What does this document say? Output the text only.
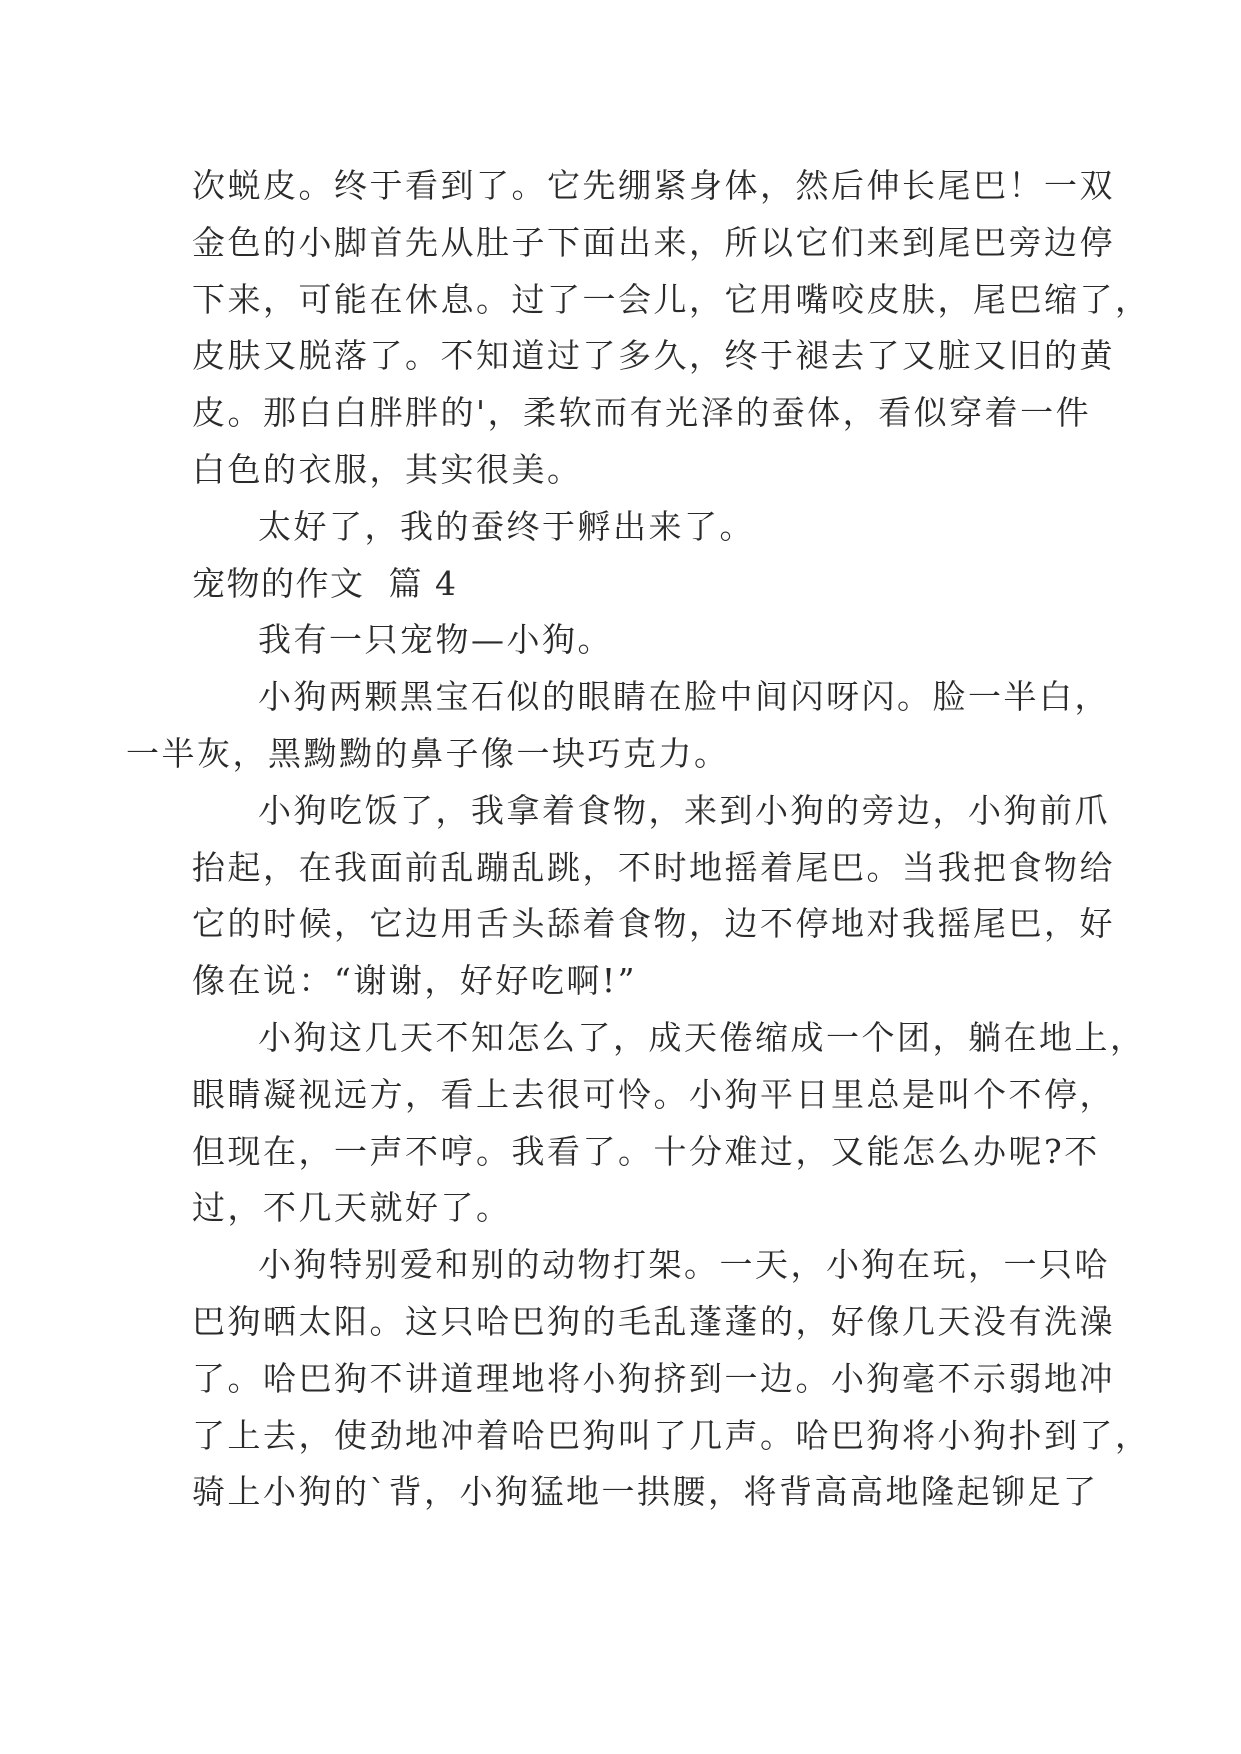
次蜕皮。终于看到了。它先绷紧身体，然后伸长尾巴！一双
金色的小脚首先从肚子下面出来，所以它们来到尾巴旁边停
下来，可能在休息。过了一会儿，它用嘴咬皮肤，尾巴缩了，
皮肤又脱落了。不知道过了多久，终于褪去了又脏又旧的黄
皮。那白白胖胖的'，柔软而有光泽的蚕体，看似穿着一件
白色的衣服，其实很美。

太好了，我的蚕终于孵出来了。

宠物的作文  篇 4

我有一只宠物—小狗。

小狗两颗黑宝石似的眼睛在脸中间闪呀闪。脸一半白，
一半灰，黑黝黝的鼻子像一块巧克力。

小狗吃饭了，我拿着食物，来到小狗的旁边，小狗前爪
抬起，在我面前乱蹦乱跳，不时地摇着尾巴。当我把食物给
它的时候，它边用舌头舔着食物，边不停地对我摇尾巴，好
像在说：“谢谢，好好吃啊!”

小狗这几天不知怎么了，成天倦缩成一个团，躺在地上，
眼睛凝视远方，看上去很可怜。小狗平日里总是叫个不停，
但现在，一声不哼。我看了。十分难过，又能怎么办呢?不
过，不几天就好了。

小狗特别爱和别的动物打架。一天，小狗在玩，一只哈
巴狗晒太阳。这只哈巴狗的毛乱蓬蓬的，好像几天没有洗澡
了。哈巴狗不讲道理地将小狗挤到一边。小狗毫不示弱地冲
了上去，使劲地冲着哈巴狗叫了几声。哈巴狗将小狗扑到了，
骑上小狗的`背，小狗猛地一拱腰，将背高高地隆起铆足了
